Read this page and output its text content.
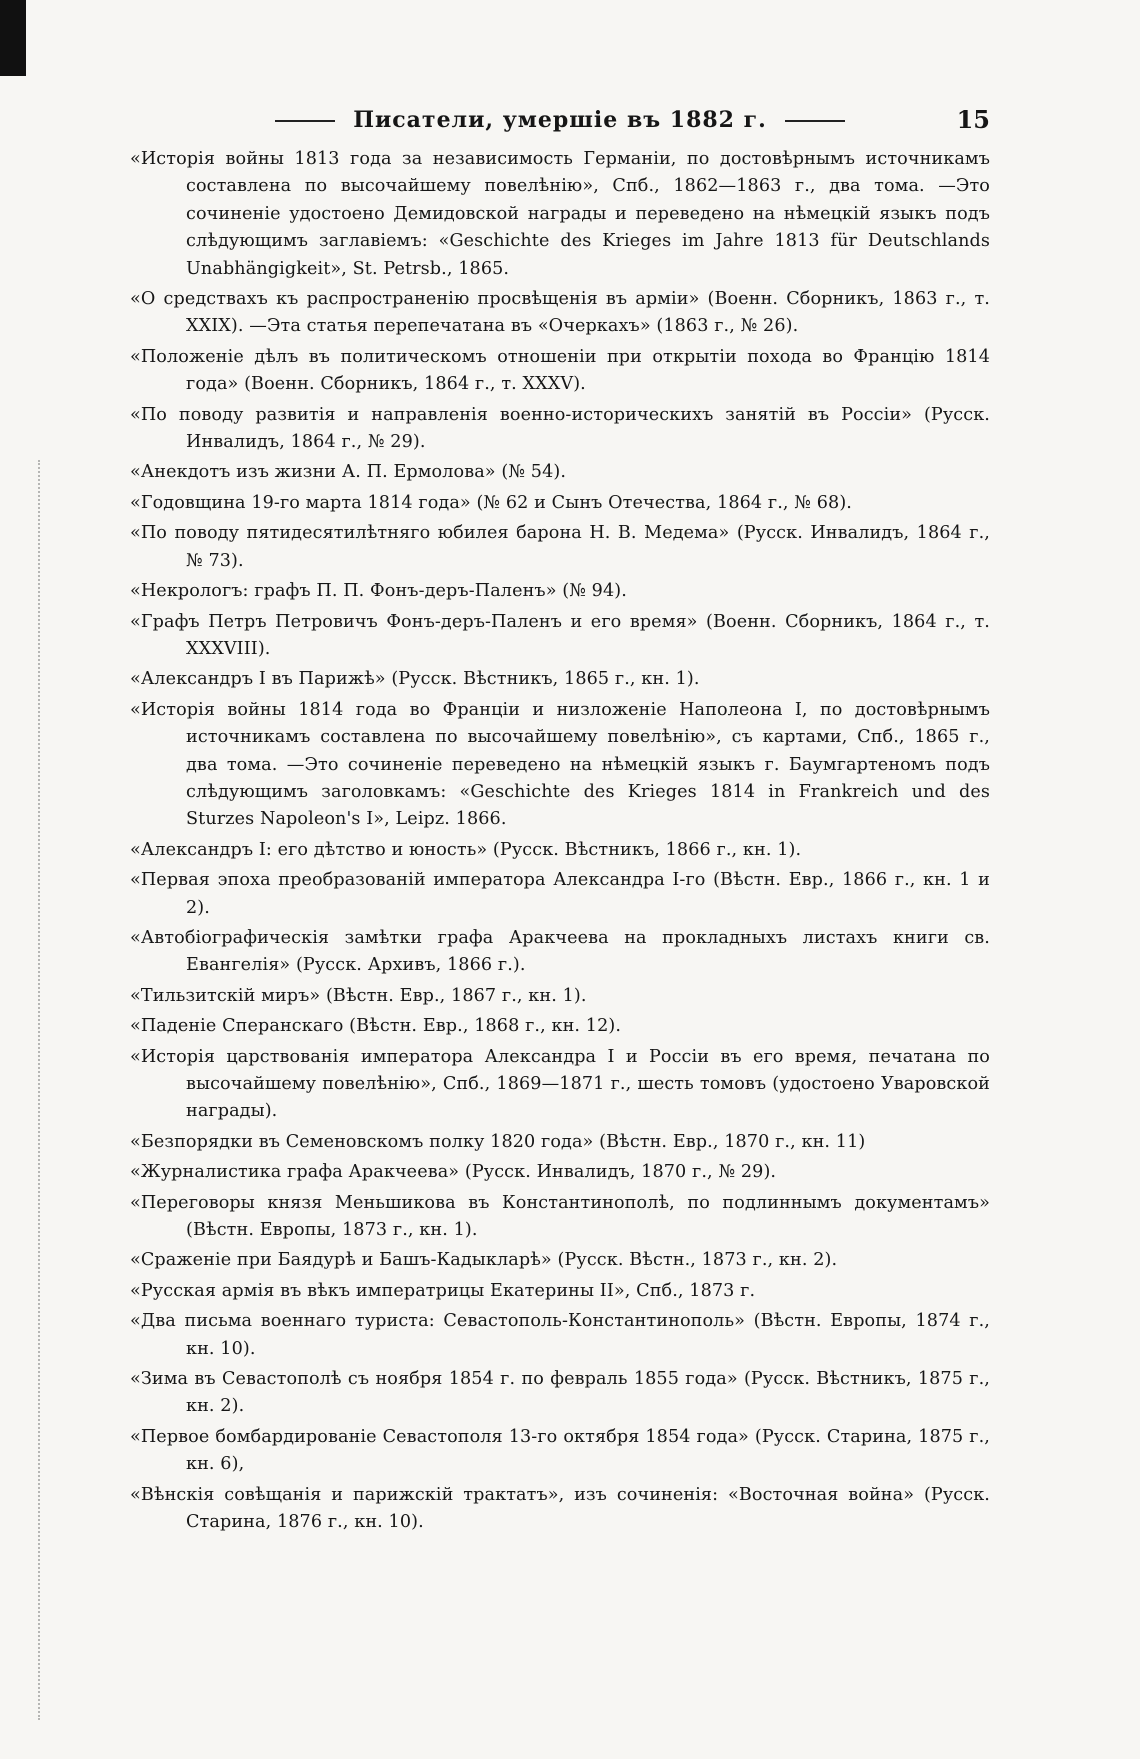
Писатели, умершiе въ 1882 г.	15
«Исторiя войны 1813 года за независимость Германiи, по достовѣрнымъ источникамъ составлена по высочайшему повелѣнiю», Спб., 1862—1863 г., два тома. —Это сочиненiе удостоено Демидовской награды и переведено на нѣмецкiй языкъ подъ слѣдующимъ заглавiемъ: «Geschichte des Krieges im Jahre 1813 für Deutschlands Unabhängigkeit», St. Petrsb., 1865.
«О средствахъ къ распространенiю просвѣщенiя въ армiи» (Военн. Сборникъ, 1863 г., т. XXIX). —Эта статья перепечатана въ «Очеркахъ» (1863 г., № 26).
«Положенiе дѣлъ въ политическомъ отношенiи при открытiи похода во Францiю 1814 года» (Военн. Сборникъ, 1864 г., т. XXXV).
«По поводу развитiя и направленiя военно-историческихъ занятiй въ Россiи» (Русск. Инвалидъ, 1864 г., № 29).
«Анекдотъ изъ жизни А. П. Ермолова» (№ 54).
«Годовщина 19-го марта 1814 года» (№ 62 и Сынъ Отечества, 1864 г., № 68).
«По поводу пятидесятилѣтняго юбилея барона Н. В. Медема» (Русск. Инвалидъ, 1864 г., № 73).
«Некрологъ: графъ П. П. Фонъ-деръ-Паленъ» (№ 94).
«Графъ Петръ Петровичъ Фонъ-деръ-Паленъ и его время» (Военн. Сборникъ, 1864 г., т. XXXVIII).
«Александръ I въ Парижѣ» (Русск. Вѣстникъ, 1865 г., кн. 1).
«Исторiя войны 1814 года во Францiи и низложенiе Наполеона I, по достовѣрнымъ источникамъ составлена по высочайшему повелѣнiю», съ картами, Спб., 1865 г., два тома. —Это сочиненiе переведено на нѣмецкiй языкъ г. Баумгартеномъ подъ слѣдующимъ заголовкамъ: «Geschichte des Krieges 1814 in Frankreich und des Sturzes Napoleon's I», Leipz. 1866.
«Александръ I: его дѣтство и юность» (Русск. Вѣстникъ, 1866 г., кн. 1).
«Первая эпоха преобразованiй императора Александра I-го (Вѣстн. Евр., 1866 г., кн. 1 и 2).
«Автобiографическiя замѣтки графа Аракчеева на прокладныхъ листахъ книги св. Евангелiя» (Русск. Архивъ, 1866 г.).
«Тильзитскiй миръ» (Вѣстн. Евр., 1867 г., кн. 1).
«Паденiе Сперанскаго (Вѣстн. Евр., 1868 г., кн. 12).
«Исторiя царствованiя императора Александра I и Россiи въ его время, печатана по высочайшему повелѣнiю», Спб., 1869—1871 г., шесть томовъ (удостоено Уваровской награды).
«Безпорядки въ Семеновскомъ полку 1820 года» (Вѣстн. Евр., 1870 г., кн. 11)
«Журналистика графа Аракчеева» (Русск. Инвалидъ, 1870 г., № 29).
«Переговоры князя Меньшикова въ Константинополѣ, по подлиннымъ документамъ» (Вѣстн. Европы, 1873 г., кн. 1).
«Сраженiе при Баядурѣ и Башъ-Кадыкларѣ» (Русск. Вѣстн., 1873 г., кн. 2).
«Русская армiя въ вѣкъ императрицы Екатерины II», Спб., 1873 г.
«Два письма военнаго туриста: Севастополь-Константинополь» (Вѣстн. Европы, 1874 г., кн. 10).
«Зима въ Севастополѣ съ ноября 1854 г. по февраль 1855 года» (Русск. Вѣстникъ, 1875 г., кн. 2).
«Первое бомбардированiе Севастополя 13-го октября 1854 года» (Русск. Старина, 1875 г., кн. 6),
«Вѣнскiя совѣщанiя и парижскiй трактатъ», изъ сочиненiя: «Восточная война» (Русск. Старина, 1876 г., кн. 10).
